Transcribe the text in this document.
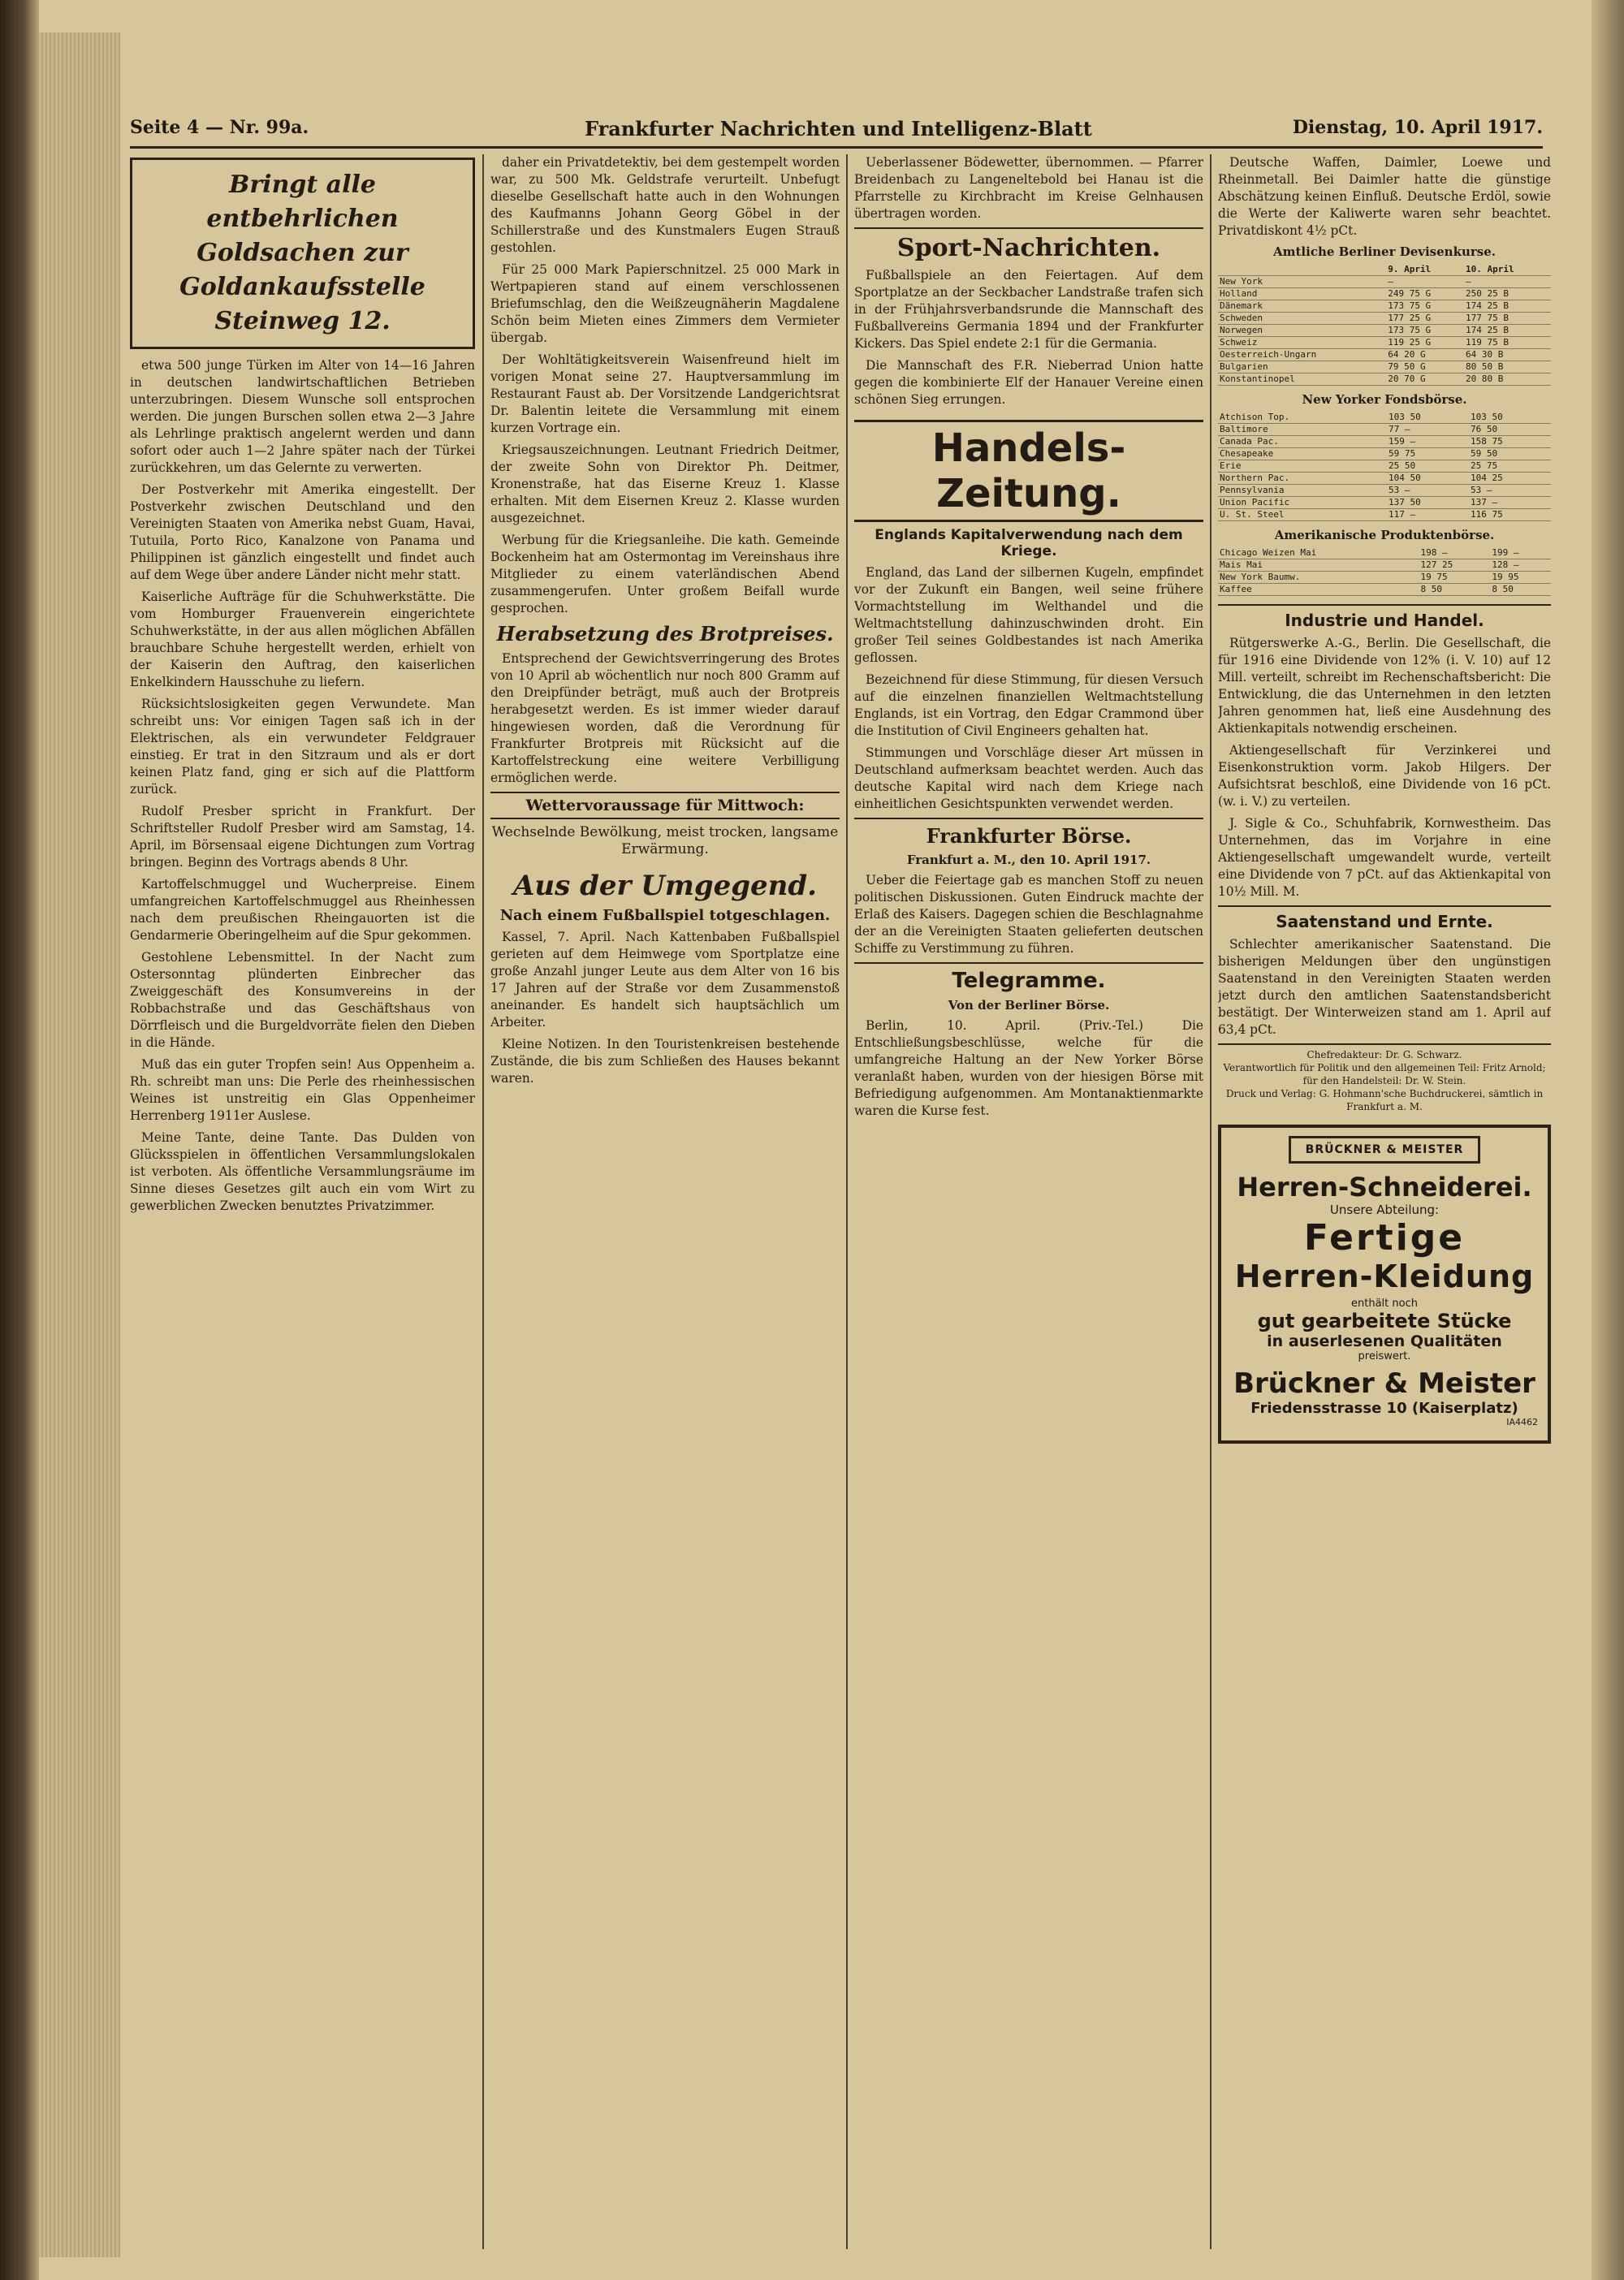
Seite 4 — Nr. 99a.	Frankfurter Nachrichten und Intelligenz-Blatt	Dienstag, 10. April 1917.
Bringt alle entbehrlichen Goldsachen zur Goldankaufsstelle Steinweg 12.

etwa 500 junge Türken im Alter von 14—16 Jahren in deutschen landwirtschaftlichen Betrieben unterzubringen. Diesem Wunsche soll entsprochen werden. Die jungen Burschen sollen etwa 2—3 Jahre als Lehrlinge praktisch angelernt werden und dann sofort oder auch 1—2 Jahre später nach der Türkei zurückkehren, um das Gelernte zu verwerten.

Der Postverkehr mit Amerika eingestellt. Der Postverkehr zwischen Deutschland und den Vereinigten Staaten von Amerika nebst Guam, Havai, Tutuila, Porto Rico, Kanalzone von Panama und Philippinen ist gänzlich eingestellt und findet auch auf dem Wege über andere Länder nicht mehr statt.

Kaiserliche Aufträge für die Schuhwerkstätte. Die vom Homburger Frauenverein eingerichtete Schuhwerkstätte, in der aus allen möglichen Abfällen brauchbare Schuhe hergestellt werden, erhielt von der Kaiserin den Auftrag, den kaiserlichen Enkelkindern Hausschuhe zu liefern.

Rücksichtslosigkeiten gegen Verwundete. Man schreibt uns: Vor einigen Tagen saß ich in der Elektrischen, als ein verwundeter Feldgrauer einstieg. Er trat in den Sitzraum und als er dort keinen Platz fand, ging er sich auf die Plattform zurück.

Rudolf Presber spricht in Frankfurt. Der Schriftsteller Rudolf Presber wird am Samstag, 14. April, im Börsensaal eigene Dichtungen zum Vortrag bringen. Beginn des Vortrags abends 8 Uhr.

Kartoffelschmuggel und Wucherpreise. Einem umfangreichen Kartoffelschmuggel aus Rheinhessen nach dem preußischen Rheingauorten ist die Gendarmerie Oberingelheim auf die Spur gekommen.

Gestohlene Lebensmittel. In der Nacht zum Ostersonntag plünderten Einbrecher das Zweiggeschäft des Konsumvereins in der Robbachstraße und das Geschäftshaus von Dörrfleisch und die Burgeldvorräte fielen den Dieben in die Hände.

Muß das ein guter Tropfen sein! Aus Oppenheim a. Rh. schreibt man uns: Die Perle des rheinhessischen Weines ist unstreitig ein Glas Oppenheimer Herrenberg 1911er Auslese.

Meine Tante, deine Tante. Das Dulden von Glücksspielen in öffentlichen Versammlungslokalen ist verboten. Als öffentliche Versammlungsräume im Sinne dieses Gesetzes gilt auch ein vom Wirt zu gewerblichen Zwecken benutztes Privatzimmer.

daher ein Privatdetektiv, bei dem gestempelt worden war, zu 500 Mk. Geldstrafe verurteilt. Unbefugt dieselbe Gesellschaft hatte auch in den Wohnungen des Kaufmanns Johann Georg Göbel in der Schillerstraße und des Kunstmalers Eugen Strauß gestohlen.

Für 25 000 Mark Papierschnitzel. 25 000 Mark in Wertpapieren stand auf einem verschlossenen Briefumschlag, den die Weißzeugnäherin Magdalene Schön beim Mieten eines Zimmers dem Vermieter übergab.

Der Wohltätigkeitsverein Waisenfreund hielt im vorigen Monat seine 27. Hauptversammlung im Restaurant Faust ab. Der Vorsitzende Landgerichtsrat Dr. Balentin leitete die Versammlung mit einem kurzen Vortrage ein.

Kriegsauszeichnungen. Leutnant Friedrich Deitmer, der zweite Sohn von Direktor Ph. Deitmer, Kronenstraße, hat das Eiserne Kreuz 1. Klasse erhalten. Mit dem Eisernen Kreuz 2. Klasse wurden ausgezeichnet.

Werbung für die Kriegsanleihe. Die kath. Gemeinde Bockenheim hat am Ostermontag im Vereinshaus ihre Mitglieder zu einem vaterländischen Abend zusammengerufen. Unter großem Beifall wurde gesprochen.

Herabsetzung des Brotpreises.

Entsprechend der Gewichtsverringerung des Brotes von 10 April ab wöchentlich nur noch 800 Gramm auf den Dreipfünder beträgt, muß auch der Brotpreis herabgesetzt werden. Es ist immer wieder darauf hingewiesen worden, daß die Verordnung für Frankfurter Brotpreis mit Rücksicht auf die Kartoffelstreckung eine weitere Verbilligung ermöglichen werde.

Wettervoraussage für Mittwoch:

Wechselnde Bewölkung, meist trocken, langsame Erwärmung.

Aus der Umgegend.
Nach einem Fußballspiel totgeschlagen.

Kassel, 7. April. Nach Kattenbaben Fußballspiel gerieten auf dem Heimwege vom Sportplatze eine große Anzahl junger Leute aus dem Alter von 16 bis 17 Jahren auf der Straße vor dem Zusammenstoß aneinander. Es handelt sich hauptsächlich um Arbeiter.

Kleine Notizen. In den Touristenkreisen bestehende Zustände, die bis zum Schließen des Hauses bekannt waren.

Ueberlassener Bödewetter, übernommen. — Pfarrer Breidenbach zu Langeneltebold bei Hanau ist die Pfarrstelle zu Kirchbracht im Kreise Gelnhausen übertragen worden.

Sport-Nachrichten.

Fußballspiele an den Feiertagen. Auf dem Sportplatze an der Seckbacher Landstraße trafen sich in der Frühjahrsverbandsrunde die Mannschaft des Fußballvereins Germania 1894 und der Frankfurter Kickers. Das Spiel endete 2:1 für die Germania.

Die Mannschaft des F.R. Nieberrad Union hatte gegen die kombinierte Elf der Hanauer Vereine einen schönen Sieg errungen.

Handels-Zeitung.
Englands Kapitalverwendung nach dem Kriege.

England, das Land der silbernen Kugeln, empfindet vor der Zukunft ein Bangen, weil seine frühere Vormachtstellung im Welthandel und die Weltmachtstellung dahinzuschwinden droht. Ein großer Teil seines Goldbestandes ist nach Amerika geflossen.

Bezeichnend für diese Stimmung, für diesen Versuch auf die einzelnen finanziellen Weltmachtstellung Englands, ist ein Vortrag, den Edgar Crammond über die Institution of Civil Engineers gehalten hat.

Stimmungen und Vorschläge dieser Art müssen in Deutschland aufmerksam beachtet werden. Auch das deutsche Kapital wird nach dem Kriege nach einheitlichen Gesichtspunkten verwendet werden.

Frankfurter Börse.
Frankfurt a. M., den 10. April 1917.

Ueber die Feiertage gab es manchen Stoff zu neuen politischen Diskussionen. Guten Eindruck machte der Erlaß des Kaisers. Dagegen schien die Beschlagnahme der an die Vereinigten Staaten gelieferten deutschen Schiffe zu Verstimmung zu führen.

Telegramme.
Von der Berliner Börse.

Berlin, 10. April. (Priv.-Tel.) Die Entschließungsbeschlüsse, welche für die umfangreiche Haltung an der New Yorker Börse veranlaßt haben, wurden von der hiesigen Börse mit Befriedigung aufgenommen. Am Montanaktienmarkte waren die Kurse fest.

Deutsche Waffen, Daimler, Loewe und Rheinmetall. Bei Daimler hatte die günstige Abschätzung keinen Einfluß. Deutsche Erdöl, sowie die Werte der Kaliwerte waren sehr beachtet. Privatdiskont 4½ pCt.

Amtliche Berliner Devisenkurse.
	9. April	10. April
New York	—	—
Holland	249 75 G	250 25 B
Dänemark	173 75 G	174 25 B
Schweden	177 25 G	177 75 B
Norwegen	173 75 G	174 25 B
Schweiz	119 25 G	119 75 B
Oesterreich-Ungarn	64 20 G	64 30 B
Bulgarien	79 50 G	80 50 B
Konstantinopel	20 70 G	20 80 B
New Yorker Fondsbörse.
Atchison Top.	103 50	103 50
Baltimore	77 —	76 50
Canada Pac.	159 —	158 75
Chesapeake	59 75	59 50
Erie	25 50	25 75
Northern Pac.	104 50	104 25
Pennsylvania	53 —	53 —
Union Pacific	137 50	137 —
U. St. Steel	117 —	116 75
Amerikanische Produktenbörse.
Chicago Weizen Mai	198 —	199 —
Mais Mai	127 25	128 —
New York Baumw.	19 75	19 95
Kaffee	8 50	8 50
Industrie und Handel.

Rütgerswerke A.-G., Berlin. Die Gesellschaft, die für 1916 eine Dividende von 12% (i. V. 10) auf 12 Mill. verteilt, schreibt im Rechenschaftsbericht: Die Entwicklung, die das Unternehmen in den letzten Jahren genommen hat, ließ eine Ausdehnung des Aktienkapitals notwendig erscheinen.

Aktiengesellschaft für Verzinkerei und Eisenkonstruktion vorm. Jakob Hilgers. Der Aufsichtsrat beschloß, eine Dividende von 16 pCt. (w. i. V.) zu verteilen.

J. Sigle & Co., Schuhfabrik, Kornwestheim. Das Unternehmen, das im Vorjahre in eine Aktiengesellschaft umgewandelt wurde, verteilt eine Dividende von 7 pCt. auf das Aktienkapital von 10½ Mill. M.

Saatenstand und Ernte.

Schlechter amerikanischer Saatenstand. Die bisherigen Meldungen über den ungünstigen Saatenstand in den Vereinigten Staaten werden jetzt durch den amtlichen Saatenstandsbericht bestätigt. Der Winterweizen stand am 1. April auf 63,4 pCt.

Chefredakteur: Dr. G. Schwarz.
Verantwortlich für Politik und den allgemeinen Teil: Fritz Arnold; für den Handelsteil: Dr. W. Stein.
Druck und Verlag: G. Hohmann'sche Buchdruckerei, sämtlich in Frankfurt a. M.
BRÜCKNER & MEISTER
Herren-Schneiderei.
Unsere Abteilung:
Fertige
Herren-Kleidung
enthält noch
gut gearbeitete Stücke
in auserlesenen Qualitäten
preiswert.
Brückner & Meister
Friedensstrasse 10 (Kaiserplatz)
IA4462
